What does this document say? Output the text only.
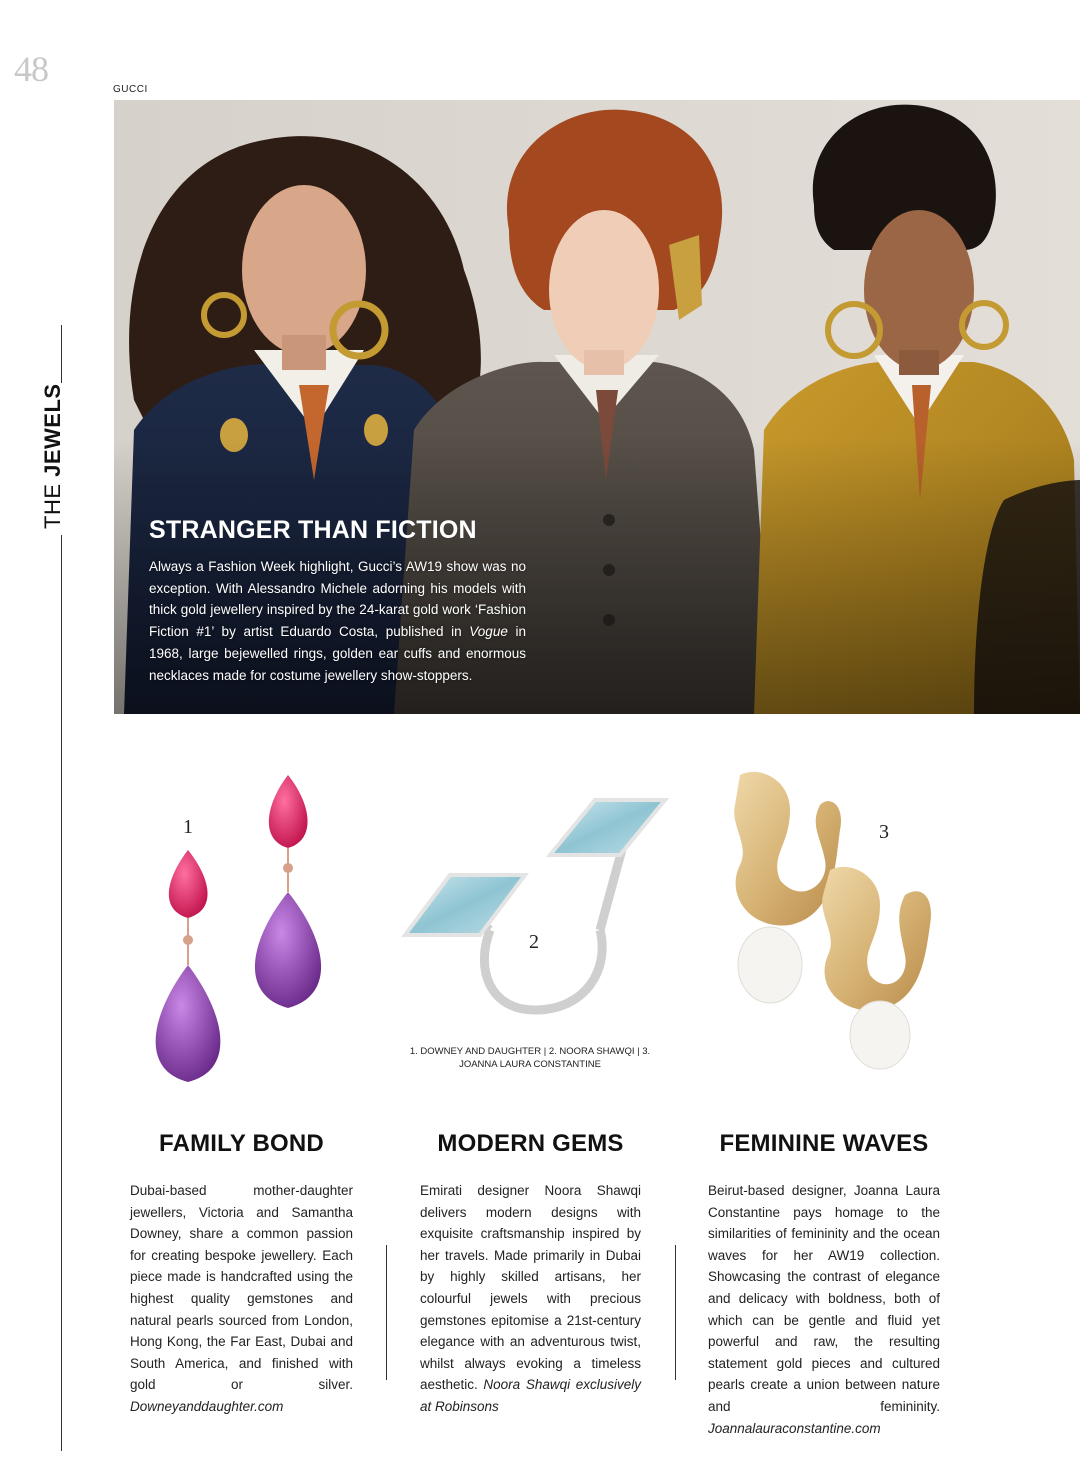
48
GUCCI
THE JEWELS
STRANGER THAN FICTION
Always a Fashion Week highlight, Gucci’s AW19 show was no exception. With Alessandro Michele adorning his models with thick gold jewellery inspired by the 24-karat gold work ‘Fashion Fiction #1’ by artist Eduardo Costa, published in Vogue in 1968, large bejewelled rings, golden ear cuffs and enormous necklaces made for costume jewellery show-stoppers.
1
2
3
1. DOWNEY AND DAUGHTER | 2. NOORA SHAWQI | 3. JOANNA LAURA CONSTANTINE
FAMILY BOND

Dubai-based mother-daughter jewellers, Victoria and Samantha Downey, share a common passion for creating bespoke jewellery. Each piece made is handcrafted using the highest quality gemstones and natural pearls sourced from London, Hong Kong, the Far East, Dubai and South America, and finished with gold or silver. Downeyanddaughter.com

MODERN GEMS

Emirati designer Noora Shawqi delivers modern designs with exquisite craftsmanship inspired by her travels. Made primarily in Dubai by highly skilled artisans, her colourful jewels with precious gemstones epitomise a 21st-century elegance with an adventurous twist, whilst always evoking a timeless aesthetic. Noora Shawqi exclusively at Robinsons

FEMININE WAVES

Beirut-based designer, Joanna Laura Constantine pays homage to the similarities of femininity and the ocean waves for her AW19 collection. Showcasing the contrast of elegance and delicacy with boldness, both of which can be gentle and fluid yet powerful and raw, the resulting statement gold pieces and cultured pearls create a union between nature and femininity. Joannalauraconstantine.com
